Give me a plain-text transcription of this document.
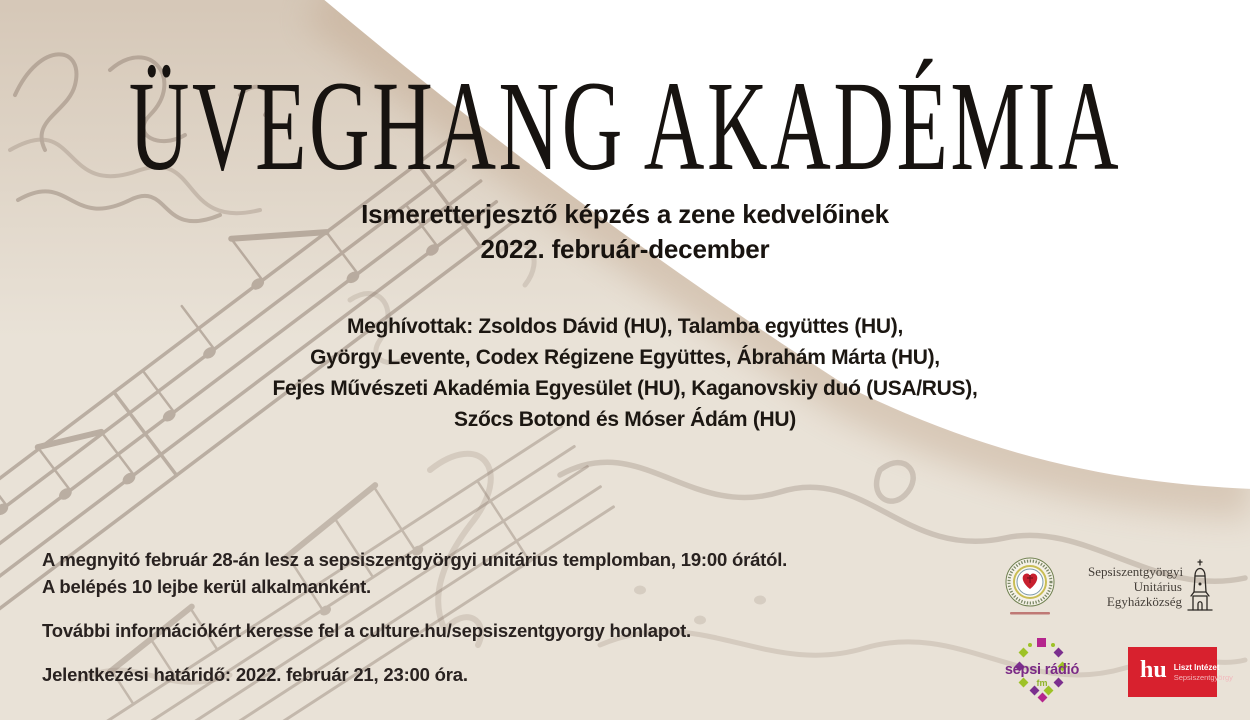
ÜVEGHANG AKADÉMIA
Ismeretterjesztő képzés a zene kedvelőinek
2022. február-december
Meghívottak: Zsoldos Dávid (HU), Talamba együttes (HU),
György Levente, Codex Régizene Együttes, Ábrahám Márta (HU),
Fejes Művészeti Akadémia Egyesület (HU), Kaganovskiy duó (USA/RUS),
Szőcs Botond és Móser Ádám (HU)

A megnyitó február 28-án lesz a sepsiszentgyörgyi unitárius templomban, 19:00 órától.

A belépés 10 lejbe kerül alkalmanként.

További információkért keresse fel a culture.hu/sepsiszentgyorgy honlapot.

Jelentkezési határidő: 2022. február 21, 23:00 óra.

Sepsiszentgyörgyi
Unitárius
Egyházközség
sepsi rádió
fm	hu Liszt Intézet
Sepsiszentgyörgy
